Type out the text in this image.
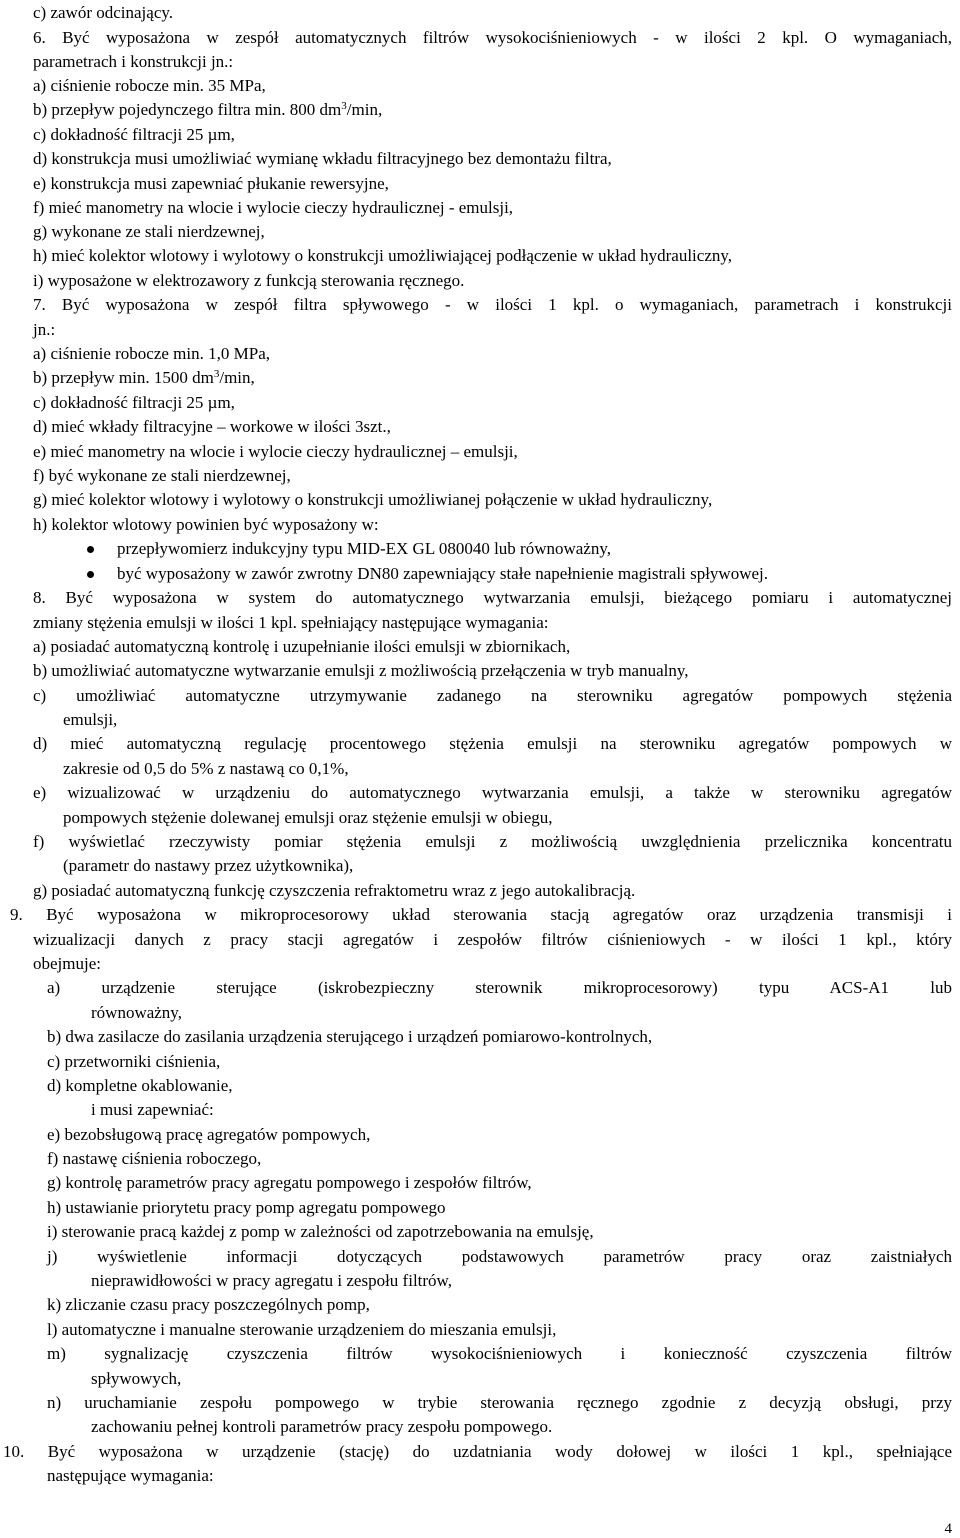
c) zawór odcinający.
6. Być wyposażona w zespół automatycznych filtrów wysokociśnieniowych - w ilości 2 kpl. O wymaganiach,
parametrach i konstrukcji jn.:
a) ciśnienie robocze min. 35 MPa,
b) przepływ pojedynczego filtra min. 800 $dm^3/\min$,
c) dokładność filtracji 25 µm,
d) konstrukcja musi umożliwiać wymianę wkładu filtracyjnego bez demontażu filtra,
e) konstrukcja musi zapewniać płukanie rewersyjne,
f) mieć manometry na wlocie i wylocie cieczy hydraulicznej - emulsji,
g) wykonane ze stali nierdzewnej,
h) mieć kolektor wlotowy i wylotowy o konstrukcji umożliwiającej podłączenie w układ hydrauliczny,
i) wyposażone w elektrozawory z funkcją sterowania ręcznego.
7. Być wyposażona w zespół filtra spływowego - w ilości 1 kpl. o wymaganiach, parametrach i konstrukcji
jn.:
a) ciśnienie robocze min. 1,0 MPa,
b) przepływ min. 1500 $dm^3/\min$,
c) dokładność filtracji 25 µm,
d) mieć wkłady filtracyjne – workowe w ilości 3szt.,
e) mieć manometry na wlocie i wylocie cieczy hydraulicznej – emulsji,
f) być wykonane ze stali nierdzewnej,
g) mieć kolektor wlotowy i wylotowy o konstrukcji umożliwianej połączenie w układ hydrauliczny,
h) kolektor wlotowy powinien być wyposażony w:
przepływomierz indukcyjny typu MID-EX GL 080040 lub równoważny,
być wyposażony w zawór zwrotny DN80 zapewniający stałe napełnienie magistrali spływowej.
8. Być wyposażona w system do automatycznego wytwarzania emulsji, bieżącego pomiaru i automatycznej
zmiany stężenia emulsji w ilości 1 kpl. spełniający następujące wymagania:
a) posiadać automatyczną kontrolę i uzupełnianie ilości emulsji w zbiornikach,
b) umożliwiać automatyczne wytwarzanie emulsji z możliwością przełączenia w tryb manualny,
c) umożliwiać automatyczne utrzymywanie zadanego na sterowniku agregatów pompowych stężenia
emulsji,
d) mieć automatyczną regulację procentowego stężenia emulsji na sterowniku agregatów pompowych w
zakresie od 0,5 do 5% z nastawą co 0,1%,
e) wizualizować w urządzeniu do automatycznego wytwarzania emulsji, a także w sterowniku agregatów
pompowych stężenie dolewanej emulsji oraz stężenie emulsji w obiegu,
f) wyświetlać rzeczywisty pomiar stężenia emulsji z możliwością uwzględnienia przelicznika koncentratu
(parametr do nastawy przez użytkownika),
g) posiadać automatyczną funkcję czyszczenia refraktometru wraz z jego autokalibracją.
9. Być wyposażona w mikroprocesorowy układ sterowania stacją agregatów oraz urządzenia transmisji i
wizualizacji danych z pracy stacji agregatów i zespołów filtrów ciśnieniowych - w ilości 1 kpl., który
obejmuje:
a) urządzenie sterujące (iskrobezpieczny sterownik mikroprocesorowy) typu ACS-A1 lub
równoważny,
b) dwa zasilacze do zasilania urządzenia sterującego i urządzeń pomiarowo-kontrolnych,
c) przetworniki ciśnienia,
d) kompletne okablowanie,
i musi zapewniać:
e) bezobsługową pracę agregatów pompowych,
f) nastawę ciśnienia roboczego,
g) kontrolę parametrów pracy agregatu pompowego i zespołów filtrów,
h) ustawianie priorytetu pracy pomp agregatu pompowego
i) sterowanie pracą każdej z pomp w zależności od zapotrzebowania na emulsję,
j) wyświetlenie informacji dotyczących podstawowych parametrów pracy oraz zaistniałych
nieprawidłowości w pracy agregatu i zespołu filtrów,
k) zliczanie czasu pracy poszczególnych pomp,
l) automatyczne i manualne sterowanie urządzeniem do mieszania emulsji,
m) sygnalizację czyszczenia filtrów wysokociśnieniowych i konieczność czyszczenia filtrów
spływowych,
n) uruchamianie zespołu pompowego w trybie sterowania ręcznego zgodnie z decyzją obsługi, przy
zachowaniu pełnej kontroli parametrów pracy zespołu pompowego.
10. Być wyposażona w urządzenie (stację) do uzdatniania wody dołowej w ilości 1 kpl., spełniające
następujące wymagania:
4
